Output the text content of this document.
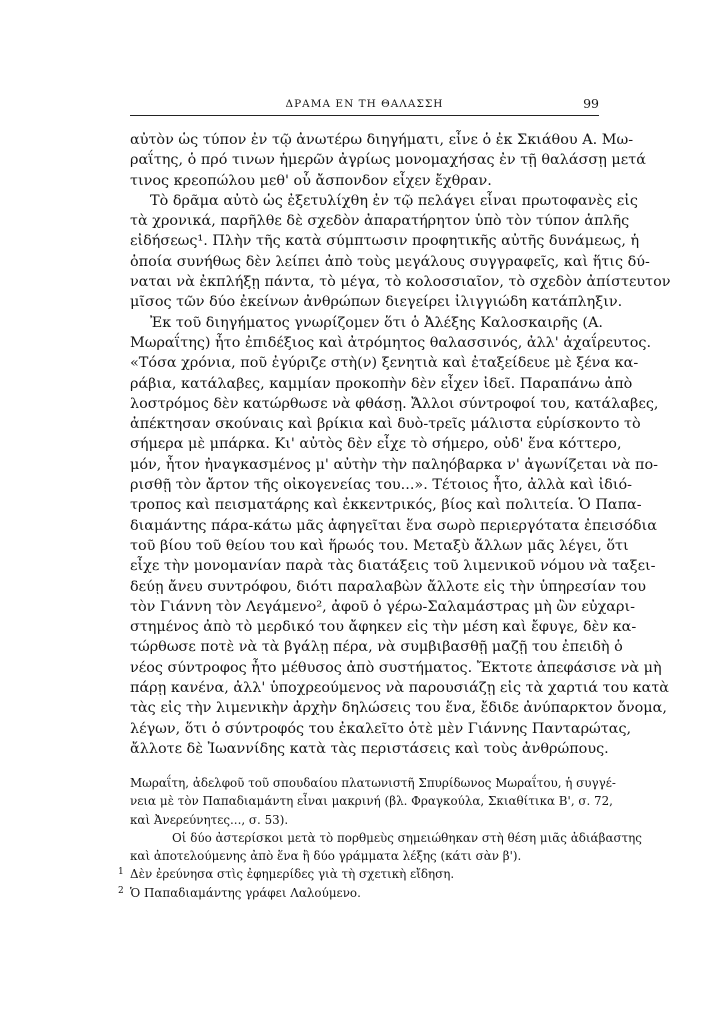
ΔΡΑΜΑ ΕΝ ΤΗ ΘΑΛΑΣΣΗ	99

αὐτὸν ὡς τύπον ἐν τῷ ἀνωτέρω διηγήματι, εἶνε ὁ ἐκ Σκιάθου Α. Μω-
ραΐτης, ὁ πρό τινων ἡμερῶν ἀγρίως μονομαχήσας ἐν τῇ θαλάσσῃ μετά
τινος κρεοπώλου μεθ' οὗ ἄσπονδον εἶχεν ἔχθραν.

Τὸ δρᾶμα αὐτὸ ὡς ἐξετυλίχθη ἐν τῷ πελάγει εἶναι πρωτοφανὲς εἰς
τὰ χρονικά, παρῆλθε δὲ σχεδὸν ἀπαρατήρητον ὑπὸ τὸν τύπον ἁπλῆς
εἰδήσεως¹. Πλὴν τῆς κατὰ σύμπτωσιν προφητικῆς αὐτῆς δυνάμεως, ἡ
ὁποία συνήθως δὲν λείπει ἀπὸ τοὺς μεγάλους συγγραφεῖς, καὶ ἥτις δύ-
ναται νὰ ἐκπλήξῃ πάντα, τὸ μέγα, τὸ κολοσσιαῖον, τὸ σχεδὸν ἀπίστευτον
μῖσος τῶν δύο ἐκείνων ἀνθρώπων διεγείρει ἰλιγγιώδη κατάπληξιν.

Ἐκ τοῦ διηγήματος γνωρίζομεν ὅτι ὁ Ἀλέξης Καλοσκαιρῆς (Α.
Μωραΐτης) ἦτο ἐπιδέξιος καὶ ἀτρόμητος θαλασσινός, ἀλλ' ἀχαΐρευτος.
«Τόσα χρόνια, ποῦ ἐγύριζε στὴ(ν) ξενητιὰ καὶ ἐταξείδευε μὲ ξένα κα-
ράβια, κατάλαβες, καμμίαν προκοπὴν δὲν εἶχεν ἰδεῖ. Παραπάνω ἀπὸ
λοστρόμος δὲν κατώρθωσε νὰ φθάσῃ. Ἄλλοι σύντροφοί του, κατάλαβες,
ἀπέκτησαν σκούναις καὶ βρίκια καὶ δυὸ-τρεῖς μάλιστα εὑρίσκοντο τὸ
σήμερα μὲ μπάρκα. Κι' αὐτὸς δὲν εἶχε τὸ σήμερο, οὐδ' ἕνα κόττερο,
μόν, ἦτον ἠναγκασμένος μ' αὐτὴν τὴν παληόβαρκα ν' ἀγωνίζεται νὰ πο-
ρισθῇ τὸν ἄρτον τῆς οἰκογενείας του...». Τέτοιος ἦτο, ἀλλὰ καὶ ἰδιό-
τροπος καὶ πεισματάρης καὶ ἐκκεντρικός, βίος καὶ πολιτεία. Ὁ Παπα-
διαμάντης πάρα-κάτω μᾶς ἀφηγεῖται ἕνα σωρὸ περιεργότατα ἐπεισόδια
τοῦ βίου τοῦ θείου του καὶ ἥρωός του. Μεταξὺ ἄλλων μᾶς λέγει, ὅτι
εἶχε τὴν μονομανίαν παρὰ τὰς διατάξεις τοῦ λιμενικοῦ νόμου νὰ ταξει-
δεύῃ ἄνευ συντρόφου, διότι παραλαβὼν ἄλλοτε εἰς τὴν ὑπηρεσίαν του
τὸν Γιάννη τὸν Λεγάμενο², ἀφοῦ ὁ γέρω-Σαλαμάστρας μὴ ὢν εὐχαρι-
στημένος ἀπὸ τὸ μερδικό του ἄφηκεν εἰς τὴν μέση καὶ ἔφυγε, δὲν κα-
τώρθωσε ποτὲ νὰ τὰ βγάλῃ πέρα, νὰ συμβιβασθῇ μαζῇ του ἐπειδὴ ὁ
νέος σύντροφος ἦτο μέθυσος ἀπὸ συστήματος. Ἔκτοτε ἀπεφάσισε νὰ μὴ
πάρῃ κανένα, ἀλλ' ὑποχρεούμενος νὰ παρουσιάζῃ εἰς τὰ χαρτιά του κατὰ
τὰς εἰς τὴν λιμενικὴν ἀρχὴν δηλώσεις του ἕνα, ἔδιδε ἀνύπαρκτον ὄνομα,
λέγων, ὅτι ὁ σύντροφός του ἐκαλεῖτο ὁτὲ μὲν Γιάννης Πανταρώτας,
ἄλλοτε δὲ Ἰωαννίδης κατὰ τὰς περιστάσεις καὶ τοὺς ἀνθρώπους.

Μωραΐτη, ἀδελφοῦ τοῦ σπουδαίου πλατωνιστῆ Σπυρίδωνος Μωραΐτου, ἡ συγγέ-
νεια μὲ τὸν Παπαδιαμάντη εἶναι μακρινή (βλ. Φραγκούλα, Σκιαθίτικα Β', σ. 72,
καὶ Ἀνερεύνητες..., σ. 53).

Οἱ δύο ἀστερίσκοι μετὰ τὸ πορθμεὺς σημειώθηκαν στὴ θέση μιᾶς ἀδιάβαστης
καὶ ἀποτελούμενης ἀπὸ ἕνα ἢ δύο γράμματα λέξης (κάτι σὰν β').

1 Δὲν ἐρεύνησα στὶς ἐφημερίδες γιὰ τὴ σχετικὴ εἴδηση.

2 Ὁ Παπαδιαμάντης γράφει Λαλούμενο.
